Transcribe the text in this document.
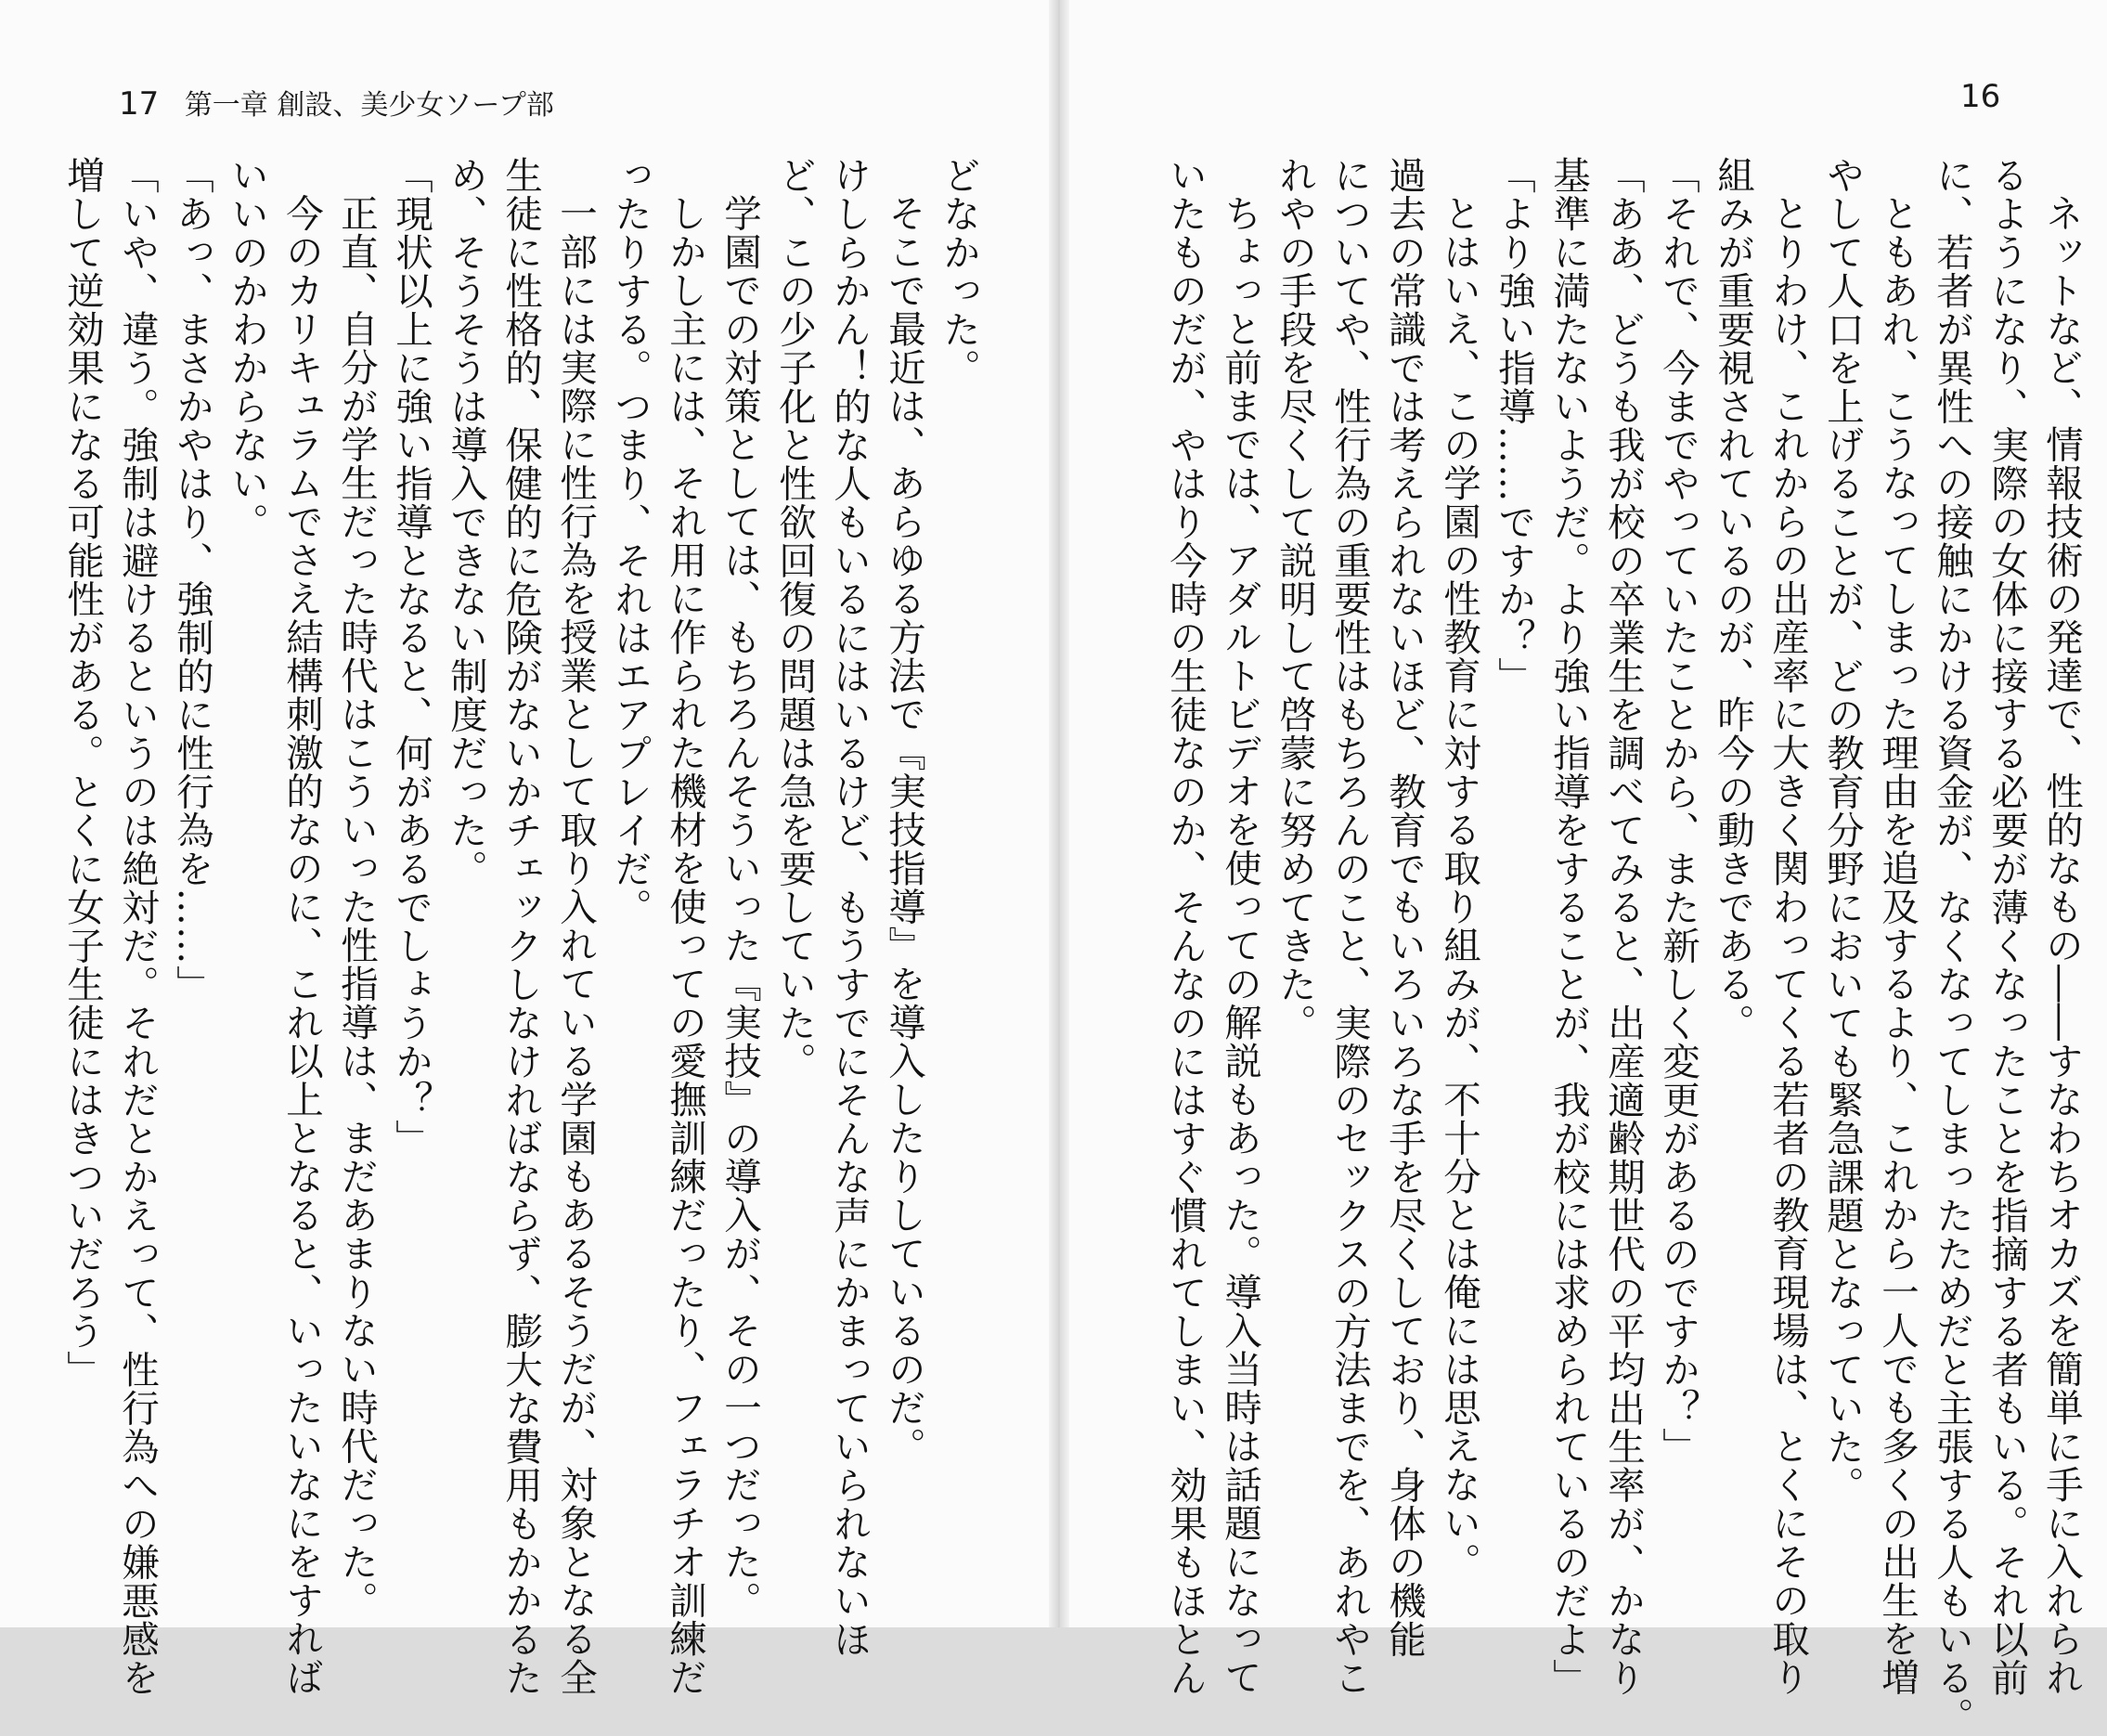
17 第一章 創設、美少女ソープ部

どなかった。

そこで最近は、あらゆる方法で『実技指導』を導入したりしているのだ。

けしらかん！的な人もいるにはいるけど、もうすでにそんな声にかまっていられないほ

ど、この少子化と性欲回復の問題は急を要していた。

学園での対策としては、もちろんそういった『実技』の導入が、その一つだった。

しかし主には、それ用に作られた機材を使っての愛撫訓練だったり、フェラチオ訓練だ

ったりする。つまり、それはエアプレイだ。

一部には実際に性行為を授業として取り入れている学園もあるそうだが、対象となる全

生徒に性格的、保健的に危険がないかチェックしなければならず、膨大な費用もかかるた

め、そうそうは導入できない制度だった。

「現状以上に強い指導となると、何があるでしょうか？」

正直、自分が学生だった時代はこういった性指導は、まだあまりない時代だった。

今のカリキュラムでさえ結構刺激的なのに、これ以上となると、いったいなにをすれば

いいのかわからない。

「あっ、まさかやはり、強制的に性行為を……」

「いや、違う。強制は避けるというのは絶対だ。それだとかえって、性行為への嫌悪感を

増して逆効果になる可能性がある。とくに女子生徒にはきついだろう」

16

ネットなど、情報技術の発達で、性的なもの――すなわちオカズを簡単に手に入れられ

るようになり、実際の女体に接する必要が薄くなったことを指摘する者もいる。それ以前

に、若者が異性への接触にかける資金が、なくなってしまったためだと主張する人もいる。

ともあれ、こうなってしまった理由を追及するより、これから一人でも多くの出生を増

やして人口を上げることが、どの教育分野においても緊急課題となっていた。

とりわけ、これからの出産率に大きく関わってくる若者の教育現場は、とくにその取り

組みが重要視されているのが、昨今の動きである。

「それで、今までやっていたことから、また新しく変更があるのですか？」

「ああ、どうも我が校の卒業生を調べてみると、出産適齢期世代の平均出生率が、かなり

基準に満たないようだ。より強い指導をすることが、我が校には求められているのだよ」

「より強い指導……ですか？」

とはいえ、この学園の性教育に対する取り組みが、不十分とは俺には思えない。

過去の常識では考えられないほど、教育でもいろいろな手を尽くしており、身体の機能

についてや、性行為の重要性はもちろんのこと、実際のセックスの方法までを、あれやこ

れやの手段を尽くして説明して啓蒙に努めてきた。

ちょっと前までは、アダルトビデオを使っての解説もあった。導入当時は話題になって

いたものだが、やはり今時の生徒なのか、そんなのにはすぐ慣れてしまい、効果もほとん
